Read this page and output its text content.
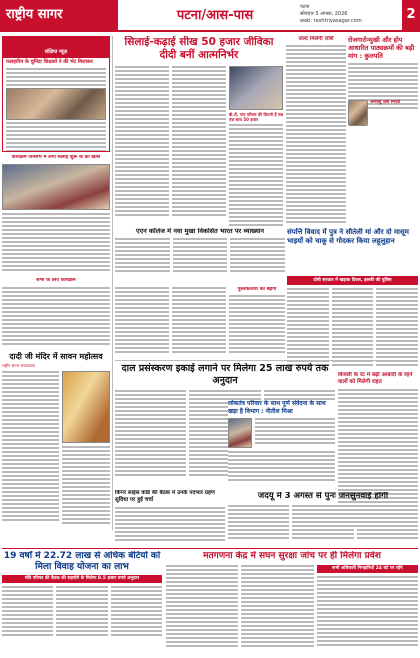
राष्ट्रीय सागर	पटना/आस-पास
पटना
सोमवार 3 अगस्त, 2026
web: rashtriyasagar.com	2
संक्षिप्त न्यूज़
फलहारिन के चुनिंदा शिक्षकों ने की भेंट मिलाकर
कार्यक्रम जनसभ में लगी सलाह शुरू के की खास
सभी के लिए कार्यक्रम
दादी जी मंदिर में सावन महोत्सव
राष्ट्रीय सागर संवाददाता
सिलाई-कढ़ाई सीख 50 हजार जीविका दीदी बनीं आत्मनिर्भर
बी.टी. गांव परिवार की कितनी हैं सब एक साथ 50 हजार
जल्द मिलेगी राशि	रोजगारोन्मुखी और होप आधारित पाठ्यक्रमों की बढ़ी मांग : कुलपति
अनीसू उस मिर्ज़ा
एएन कॉलेज में नवा मुखा विकसित भारत पर व्याख्यान	संपत्ति विवाद में पुत्र ने सौतेली मां और दो मासूम भाइयों को चाकू से गोदकर किया लहूलुहान
दोषी सरकार में खड़ाक दिवस, इसकी की पुलिस
पुस्तकालयों की बढ़ेगी
दाल प्रसंस्करण इकाई लगाने पर मिलेगा 25 लाख रुपये तक अनुदान
लोकतंत्र परिवार के साथ पूर्ण संवेदना के साथ खड़ा है विभाग : नीतीश मिश्रा
बिजली के रेट में बढ़ी आबादी के रहने वालों को मिलेगी राहत
किंगर साइंस कॉर्ड की बैठक में उनके पदभार ग्रहण सुविधा पर हुई चर्चा	जदयू में 3 अगस्त से पुनः जनसुनवाई होगी
19 वर्षों में 22.72 लाख से अधिक बेटियों को मिला विवाह योजना का लाभ
मंत्रि परिषद की बैठक की सहयोगे के मिलेगा 8.5 हजार रुपये अनुदान
मतगणना केंद्र में सघन सुरक्षा जांच पर ही मिलेगा प्रवेश
सभी अधिकारी निगहारियों 24 घंटे पर रहेंगे
